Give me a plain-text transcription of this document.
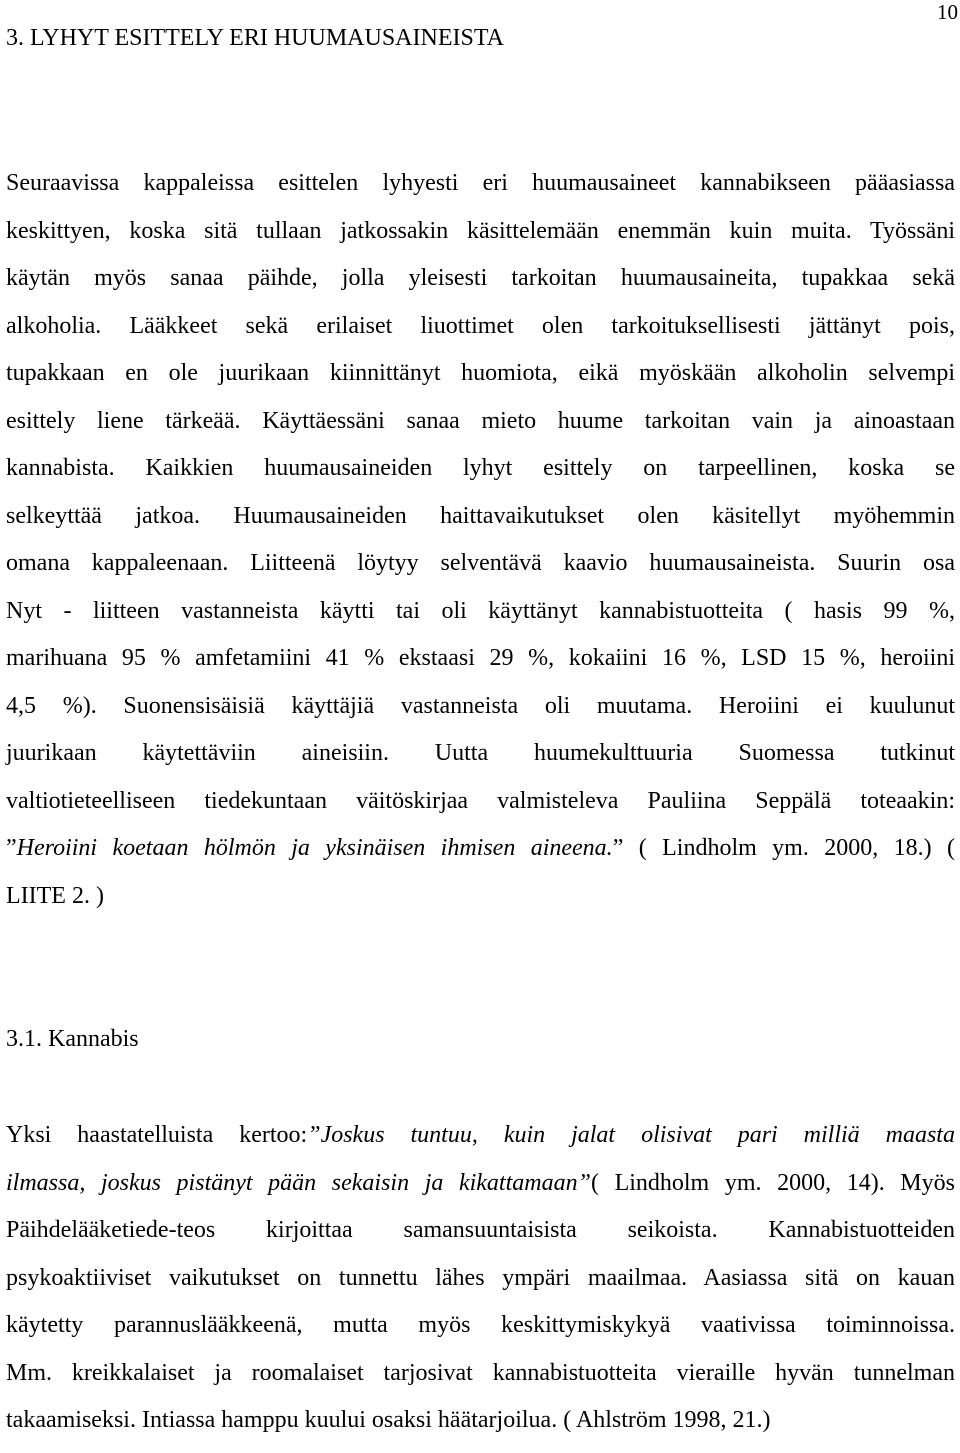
10
3. LYHYT ESITTELY ERI HUUMAUSAINEISTA
Seuraavissa kappaleissa esittelen lyhyesti eri huumausaineet kannabikseen pääasiassa
keskittyen, koska sitä tullaan jatkossakin käsittelemään enemmän kuin muita. Työssäni
käytän myös sanaa päihde, jolla yleisesti tarkoitan huumausaineita, tupakkaa sekä
alkoholia. Lääkkeet sekä erilaiset liuottimet olen tarkoituksellisesti jättänyt pois,
tupakkaan en ole juurikaan kiinnittänyt huomiota, eikä myöskään alkoholin selvempi
esittely liene tärkeää. Käyttäessäni sanaa mieto huume tarkoitan vain ja ainoastaan
kannabista. Kaikkien huumausaineiden lyhyt esittely on tarpeellinen, koska se
selkeyttää jatkoa. Huumausaineiden haittavaikutukset olen käsitellyt myöhemmin
omana kappaleenaan. Liitteenä löytyy selventävä kaavio huumausaineista. Suurin osa
Nyt - liitteen vastanneista käytti tai oli käyttänyt kannabistuotteita ( hasis 99 %,
marihuana 95 % amfetamiini 41 % ekstaasi 29 %, kokaiini 16 %, LSD 15 %, heroiini
4,5 %). Suonensisäisiä käyttäjiä vastanneista oli muutama. Heroiini ei kuulunut
juurikaan käytettäviin aineisiin. Uutta huumekulttuuria Suomessa tutkinut
valtiotieteelliseen tiedekuntaan väitöskirjaa valmisteleva Pauliina Seppälä toteaakin:
”Heroiini koetaan hölmön ja yksinäisen ihmisen aineena.” ( Lindholm ym. 2000, 18.) (
LIITE 2. )
3.1. Kannabis
Yksi haastatelluista kertoo:”Joskus tuntuu, kuin jalat olisivat pari milliä maasta
ilmassa, joskus pistänyt pään sekaisin ja kikattamaan”( Lindholm ym. 2000, 14). Myös
Päihdelääketiede-teos kirjoittaa samansuuntaisista seikoista. Kannabistuotteiden
psykoaktiiviset vaikutukset on tunnettu lähes ympäri maailmaa. Aasiassa sitä on kauan
käytetty parannuslääkkeenä, mutta myös keskittymiskykyä vaativissa toiminnoissa.
Mm. kreikkalaiset ja roomalaiset tarjosivat kannabistuotteita vieraille hyvän tunnelman
takaamiseksi. Intiassa hamppu kuului osaksi häätarjoilua. ( Ahlström 1998, 21.)
